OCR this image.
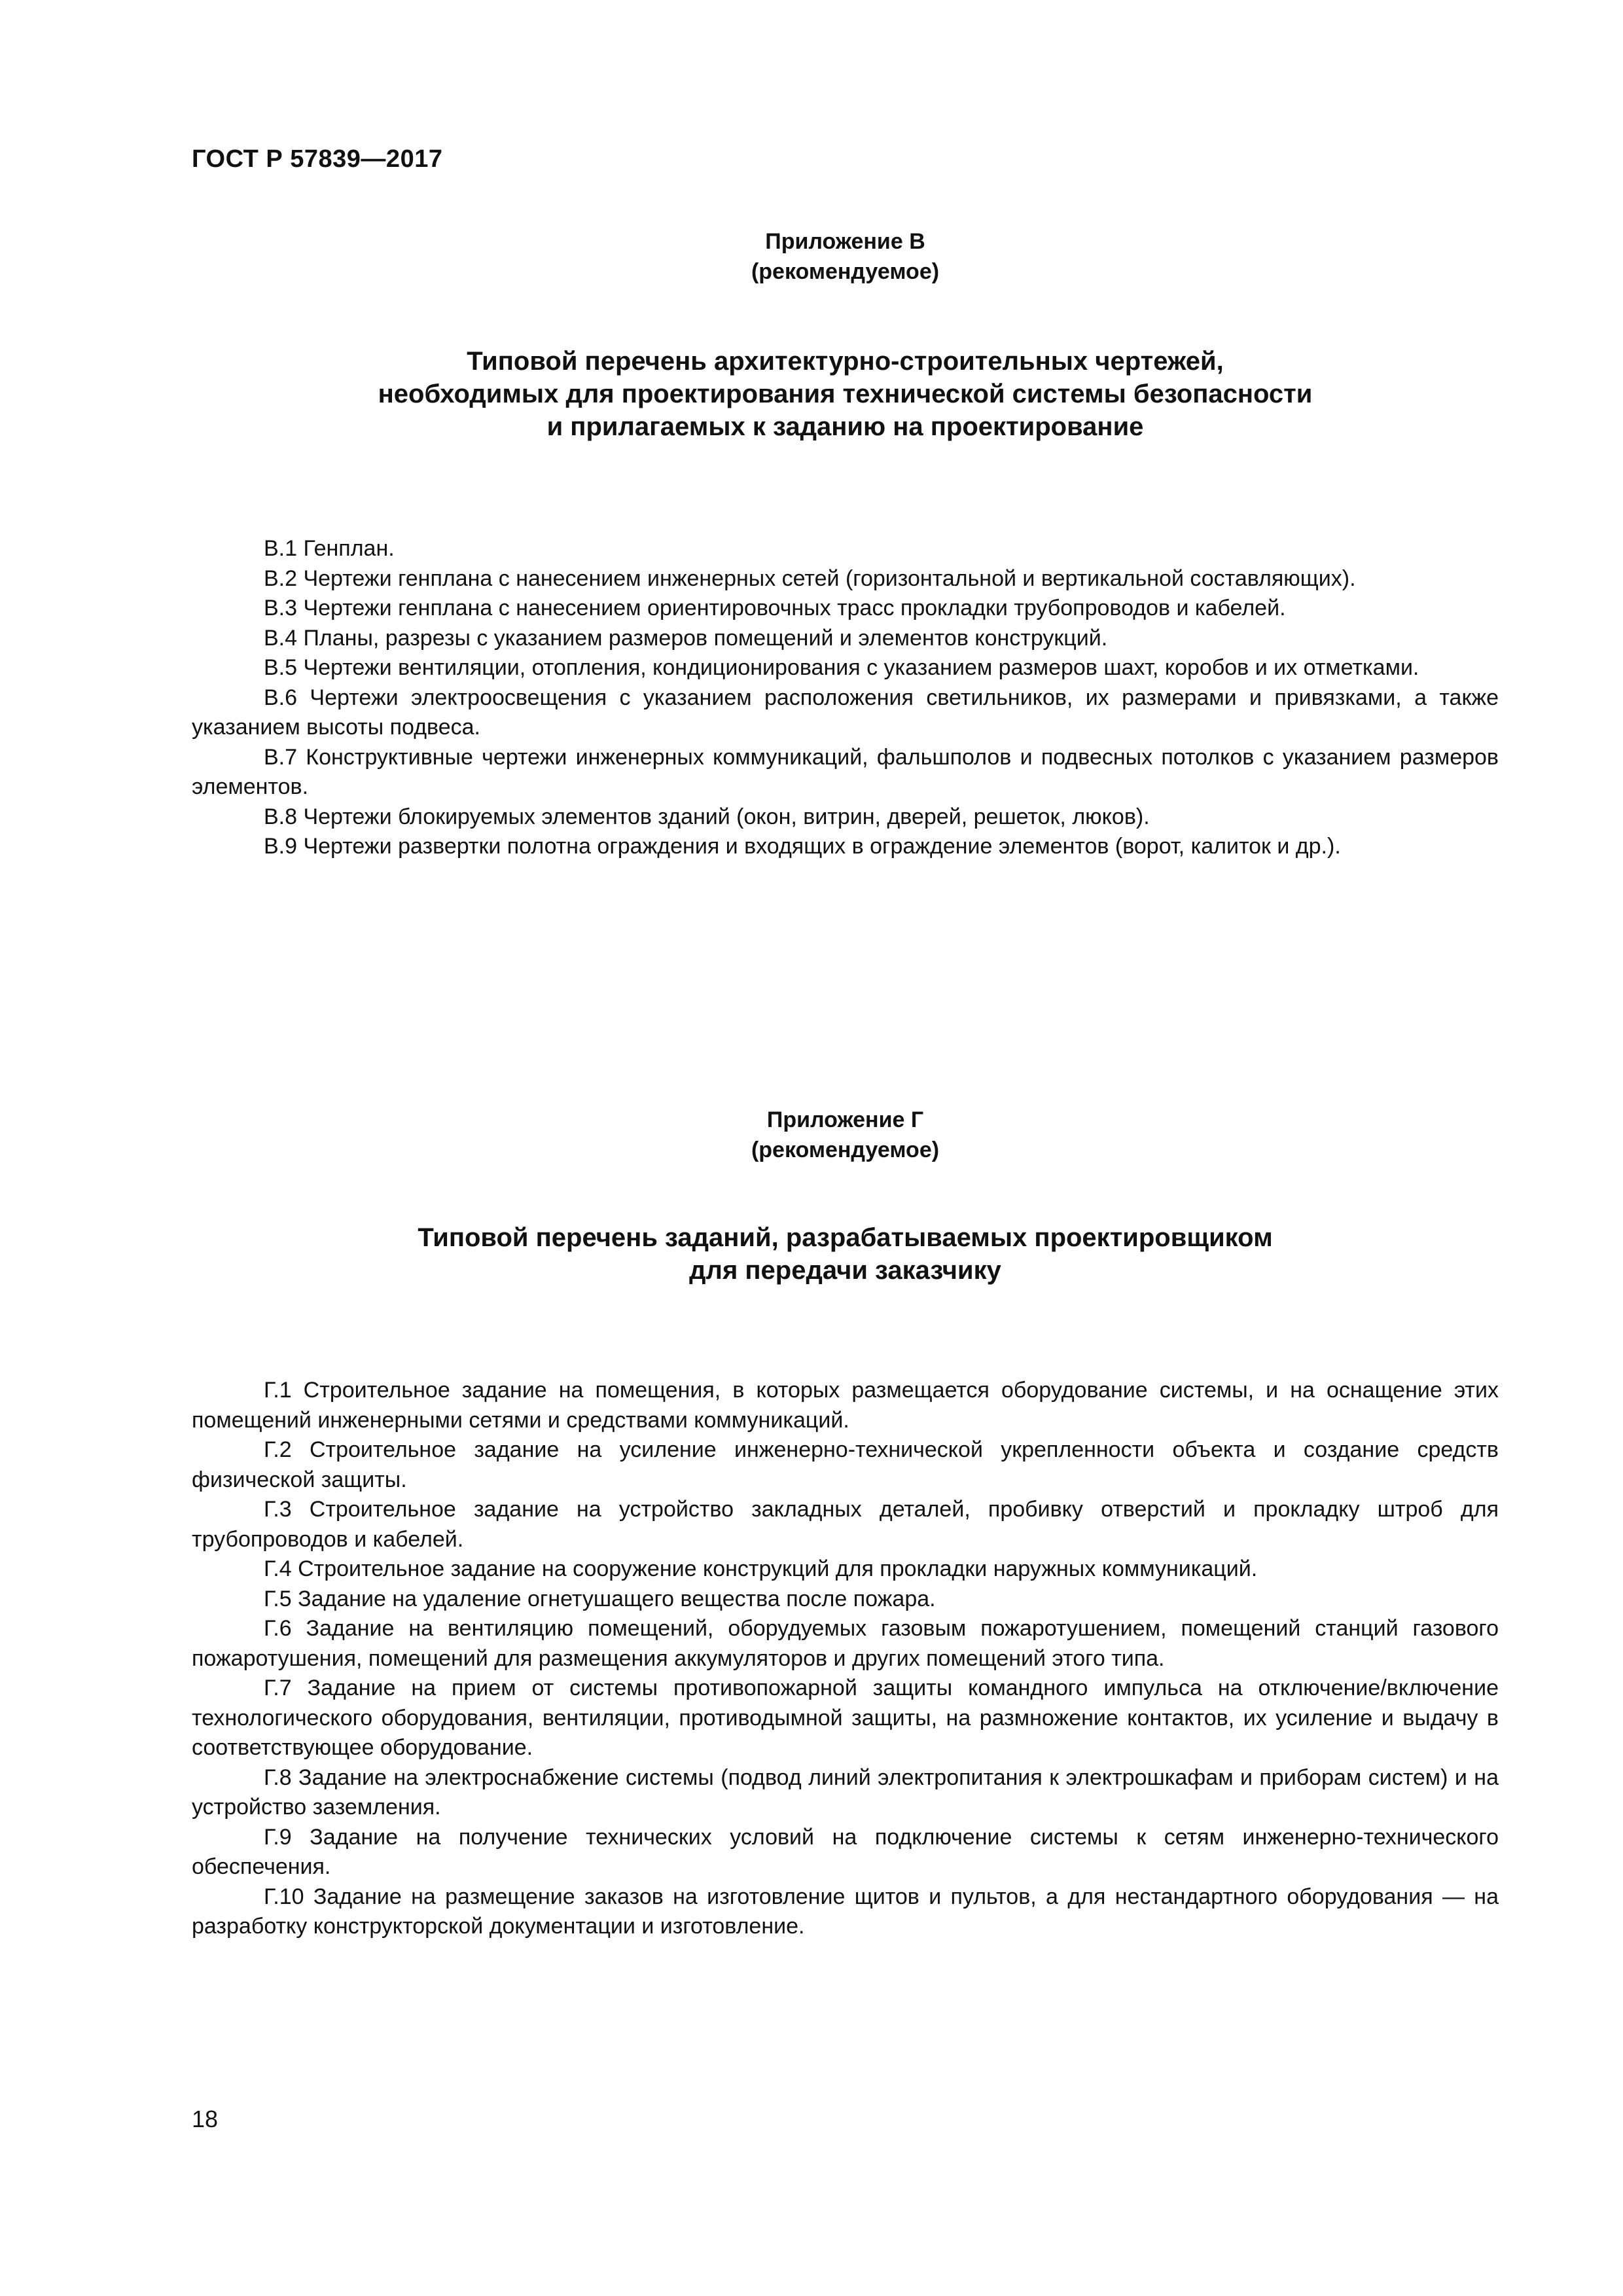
ГОСТ Р 57839—2017
Приложение В
(рекомендуемое)
Типовой перечень архитектурно-строительных чертежей,
необходимых для проектирования технической системы безопасности
и прилагаемых к заданию на проектирование

В.1 Генплан.

В.2 Чертежи генплана с нанесением инженерных сетей (горизонтальной и вертикальной составляющих).

В.3 Чертежи генплана с нанесением ориентировочных трасс прокладки трубопроводов и кабелей.

В.4 Планы, разрезы с указанием размеров помещений и элементов конструкций.

В.5 Чертежи вентиляции, отопления, кондиционирования с указанием размеров шахт, коробов и их отметками.

В.6 Чертежи электроосвещения с указанием расположения светильников, их размерами и привязками, а также указанием высоты подвеса.

В.7 Конструктивные чертежи инженерных коммуникаций, фальшполов и подвесных потолков с указанием размеров элементов.

В.8 Чертежи блокируемых элементов зданий (окон, витрин, дверей, решеток, люков).

В.9 Чертежи развертки полотна ограждения и входящих в ограждение элементов (ворот, калиток и др.).

Приложение Г
(рекомендуемое)
Типовой перечень заданий, разрабатываемых проектировщиком
для передачи заказчику

Г.1 Строительное задание на помещения, в которых размещается оборудование системы, и на оснащение этих помещений инженерными сетями и средствами коммуникаций.

Г.2 Строительное задание на усиление инженерно-технической укрепленности объекта и создание средств физической защиты.

Г.3 Строительное задание на устройство закладных деталей, пробивку отверстий и прокладку штроб для трубопроводов и кабелей.

Г.4 Строительное задание на сооружение конструкций для прокладки наружных коммуникаций.

Г.5 Задание на удаление огнетушащего вещества после пожара.

Г.6 Задание на вентиляцию помещений, оборудуемых газовым пожаротушением, помещений станций газового пожаротушения, помещений для размещения аккумуляторов и других помещений этого типа.

Г.7 Задание на прием от системы противопожарной защиты командного импульса на отключение/включение технологического оборудования, вентиляции, противодымной защиты, на размножение контактов, их усиление и выдачу в соответствующее оборудование.

Г.8 Задание на электроснабжение системы (подвод линий электропитания к электрошкафам и приборам систем) и на устройство заземления.

Г.9 Задание на получение технических условий на подключение системы к сетям инженерно-технического обеспечения.

Г.10 Задание на размещение заказов на изготовление щитов и пультов, а для нестандартного оборудования — на разработку конструкторской документации и изготовление.

18
